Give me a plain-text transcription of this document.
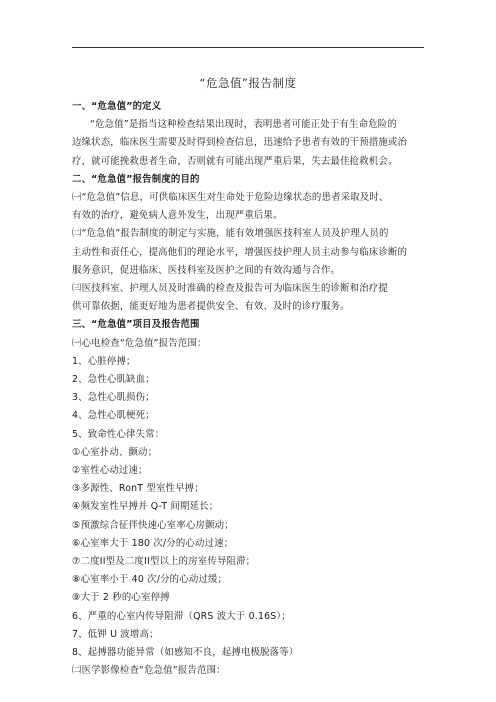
“危急值”报告制度

一、“危急值”的定义

“危急值”是指当这种检查结果出现时，表明患者可能正处于有生命危险的

边缘状态，临床医生需要及时得到检查信息，迅速给予患者有效的干预措施或治

疗，就可能挽救患者生命，否则就有可能出现严重后果，失去最佳抢救机会。

二、“危急值”报告制度的目的

㈠“危急值”信息，可供临床医生对生命处于危险边缘状态的患者采取及时、

有效的治疗，避免病人意外发生，出现严重后果。

㈡“危急值”报告制度的制定与实施，能有效增强医技科室人员及护理人员的

主动性和责任心，提高他们的理论水平，增强医技护理人员主动参与临床诊断的

服务意识，促进临床、医技科室及医护之间的有效沟通与合作。

㈢医技科室、护理人员及时准确的检查及报告可为临床医生的诊断和治疗提

供可靠依据，能更好地为患者提供安全、有效、及时的诊疗服务。

三、“危急值”项目及报告范围

㈠心电检查“危急值”报告范围：

1、心脏停搏；

2、急性心肌缺血；

3、急性心肌损伤；

4、急性心肌梗死；

5、致命性心律失常：

①心室扑动、颤动；

②室性心动过速；

③多源性、RonT 型室性早搏；

④频发室性早搏并 Q-T 间期延长；

⑤预激综合征伴快速心室率心房颤动；

⑥心室率大于 180 次/分的心动过速；

⑦二度II型及二度II型以上的房室传导阻滞；

⑧心室率小于 40 次/分的心动过缓；

⑨大于 2 秒的心室停搏

6、严重的心室内传导阻滞（QRS 波大于 0.16S）；

7、低钾 U 波增高；

8、起搏器功能异常（如感知不良，起搏电极脱落等）

㈡医学影像检查“危急值”报告范围：
